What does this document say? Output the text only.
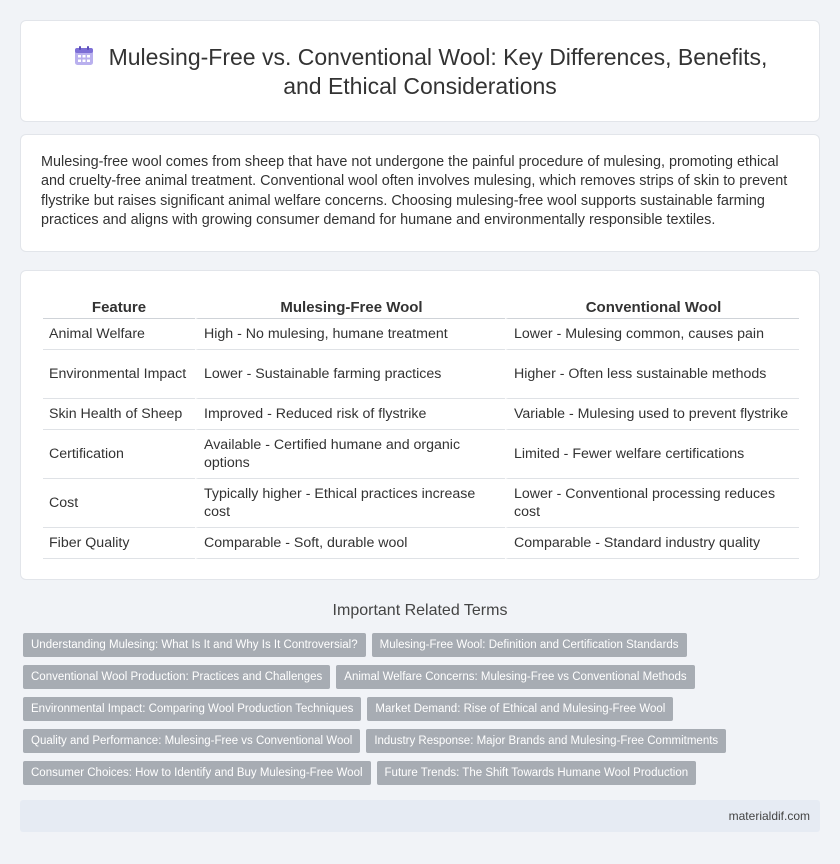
Mulesing-Free vs. Conventional Wool: Key Differences, Benefits,
and Ethical Considerations

Mulesing-free wool comes from sheep that have not undergone the painful procedure of mulesing, promoting ethical and cruelty-free animal treatment. Conventional wool often involves mulesing, which removes strips of skin to prevent flystrike but raises significant animal welfare concerns. Choosing mulesing-free wool supports sustainable farming practices and aligns with growing consumer demand for humane and environmentally responsible textiles.

Feature	Mulesing-Free Wool	Conventional Wool
Animal Welfare	High - No mulesing, humane treatment	Lower - Mulesing common, causes pain
Environmental Impact	Lower - Sustainable farming practices	Higher - Often less sustainable methods
Skin Health of Sheep	Improved - Reduced risk of flystrike	Variable - Mulesing used to prevent flystrike
Certification	Available - Certified humane and organic options	Limited - Fewer welfare certifications
Cost	Typically higher - Ethical practices increase cost	Lower - Conventional processing reduces cost
Fiber Quality	Comparable - Soft, durable wool	Comparable - Standard industry quality
Important Related Terms
Understanding Mulesing: What Is It and Why Is It Controversial? Mulesing-Free Wool: Definition and Certification Standards
Conventional Wool Production: Practices and Challenges Animal Welfare Concerns: Mulesing-Free vs Conventional Methods
Environmental Impact: Comparing Wool Production Techniques Market Demand: Rise of Ethical and Mulesing-Free Wool
Quality and Performance: Mulesing-Free vs Conventional Wool Industry Response: Major Brands and Mulesing-Free Commitments
Consumer Choices: How to Identify and Buy Mulesing-Free Wool Future Trends: The Shift Towards Humane Wool Production
materialdif.com
